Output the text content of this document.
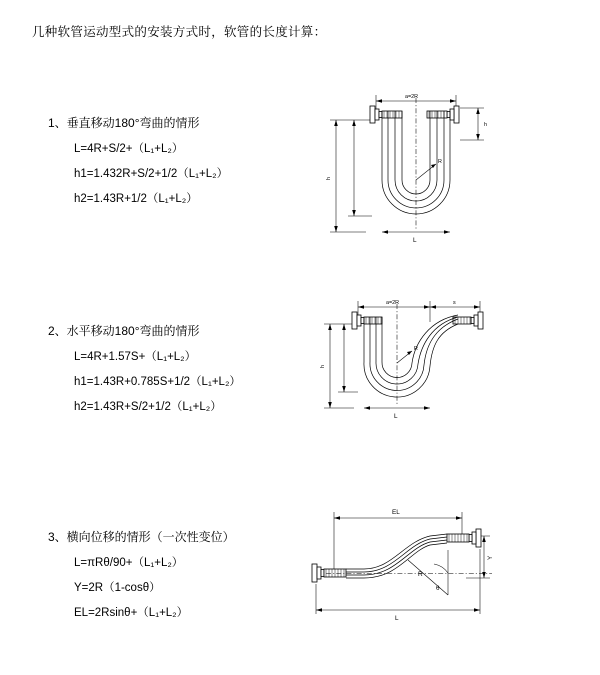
几种软管运动型式的安装方式时，软管的长度计算：
1、垂直移动180°弯曲的情形
L=4R+S/2+（L₁+L₂）
h1=1.432R+S/2+1/2（L₁+L₂）
h2=1.43R+1/2（L₁+L₂）
a=2R
h
h
R
L
2、水平移动180°弯曲的情形
L=4R+1.57S+（L₁+L₂）
h1=1.43R+0.785S+1/2（L₁+L₂）
h2=1.43R+S/2+1/2（L₁+L₂）
a=2R	s
h
R
L
3、横向位移的情形（一次性变位）
L=πRθ/90+（L₁+L₂）
Y=2R（1-cosθ）
EL=2Rsinθ+（L₁+L₂）
EL
Y
θ
R
L
